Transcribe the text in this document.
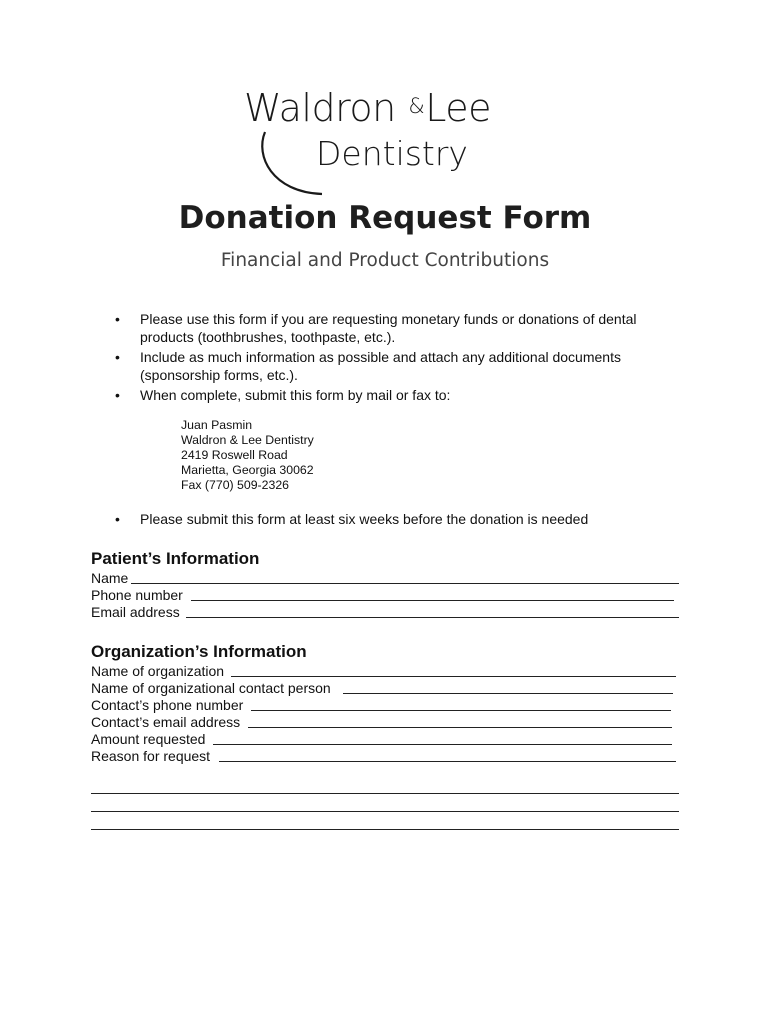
Waldron &Lee
Dentistry
Donation Request Form
Financial and Product Contributions
• Please use this form if you are requesting monetary funds or donations of dental products (toothbrushes, toothpaste, etc.).
• Include as much information as possible and attach any additional documents (sponsorship forms, etc.).
• When complete, submit this form by mail or fax to:
Juan Pasmin
Waldron & Lee Dentistry
2419 Roswell Road
Marietta, Georgia 30062
Fax (770) 509-2326
• Please submit this form at least six weeks before the donation is needed
Patient’s Information
Name
Phone number
Email address
Organization’s Information
Name of organization
Name of organizational contact person
Contact’s phone number
Contact’s email address
Amount requested
Reason for request
